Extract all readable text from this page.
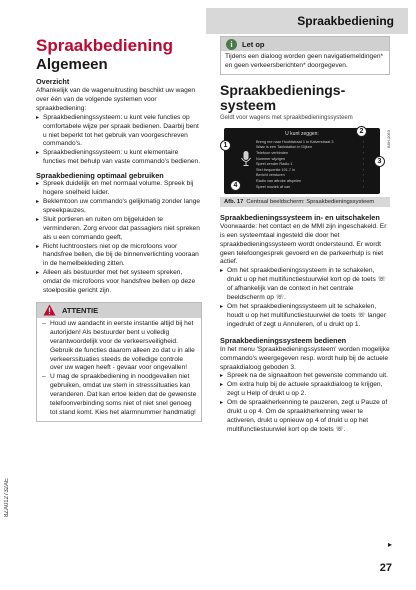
Spraakbediening
Spraakbediening
Algemeen
Overzicht
Afhankelijk van de wagenuitrusting beschikt uw wagen over één van de volgende systemen voor spraakbediening:
▸ Spraakbedieningssysteem: u kunt vele functies op comfortabele wijze per spraak bedienen. Daarbij bent u niet beperkt tot het gebruik van voorgeschreven commando's.
▸ Spraakbedieningssysteem: u kunt elementaire functies met behulp van vaste commando's bedienen.
Spraakbediening optimaal gebruiken
▸ Spreek duidelijk en met normaal volume. Spreek bij hogere snelheid luider.
▸ Beklemtoon uw commando's gelijkmatig zonder lange spreekpauzes.
▸ Sluit portieren en ruiten om bijgeluiden te verminderen. Zorg ervoor dat passagiers niet spreken als u een commando geeft.
▸ Richt luchtroosters niet op de microfoons voor handsfree bellen, die bij de binnenverlichting vooraan in de hemelbekleding zitten.
▸ Alleen als bestuurder met het systeem spreken, omdat de microfoons voor handsfree bellen op deze stoelpositie gericht zijn.
ATTENTIE
– Houd uw aandacht in eerste instantie altijd bij het autorijden! Als bestuurder bent u volledig verantwoordelijk voor de verkeersveiligheid. Gebruik de functies daarom alleen zo dat u in alle verkeerssituaties steeds de volledige controle over uw wagen heeft - gevaar voor ongevallen!
– U mag de spraakbediening in noodgevallen niet gebruiken, omdat uw stem in stresssituaties kan veranderen. Dat kan ertoe leiden dat de gewenste telefoonverbinding soms niet of niet snel genoeg tot stand komt. Kies het alarmnummer handmatig!
i	Let op
Tijdens een dialoog worden geen navigatiemeldingen* en geen verkeersberichten* doorgegeven.
Spraakbedienings-
systeem
Geldt voor wagens met spraakbedieningssysteem
U kunt zeggen:
Breng me naar Hoofdstraat 1 in Kalverstraat 3	›
Waar is een Tankstation in Dijken	›
Telefoon verbinden	›
Nummer wijzigen	›
Speel zender Radio 1	›
Stel frequentie 101.7 in	›
Bericht versturen	›
Radio van aftroke afspelen	›
Speel muziek af van	›
1
2
3
4
B8H-0053
Afb. 17 Centraal beeldscherm: Spraakbedieningssysteem
Spraakbedieningssysteem in- en uitschakelen
Voorwaarde: het contact en de MMI zijn ingeschakeld. Er is een systeemtaal ingesteld die door het spraakbedieningssysteem wordt ondersteund. Er wordt geen telefoongesprek gevoerd en de parkeerhulp is niet actief.
▸ Om het spraakbedieningssysteem in te schakelen, drukt u op het multifunctiestuurwiel kort op de toets ☏ of afhankelijk van de context in het centrale beeldscherm op ☏.
▸ Om het spraakbedieningssysteem uit te schakelen, houdt u op het multifunctiestuurwiel de toets ☏ langer ingedrukt of zegt u Annuleren, of u drukt op 1.
Spraakbedieningssysteem bedienen
In het menu 'Spraakbedieningssysteem' worden mogelijke commando's weergegeven resp. wordt hulp bij de actuele spraakdialoog geboden 3.
▸ Spreek na de signaaltoon het gewenste commando uit.
▸ Om extra hulp bij de actuele spraakdialoog te krijgen, zegt u Help of drukt u op 2.
▸ Om de spraakherkenning te pauzeren, zegt u Pauze of drukt u op 4. Om de spraakherkenning weer te activeren, drukt u opnieuw op 4 of drukt u op het multifunctiestuurwiel kort op de toets ☏.
8ZA012732AE
▸
27
